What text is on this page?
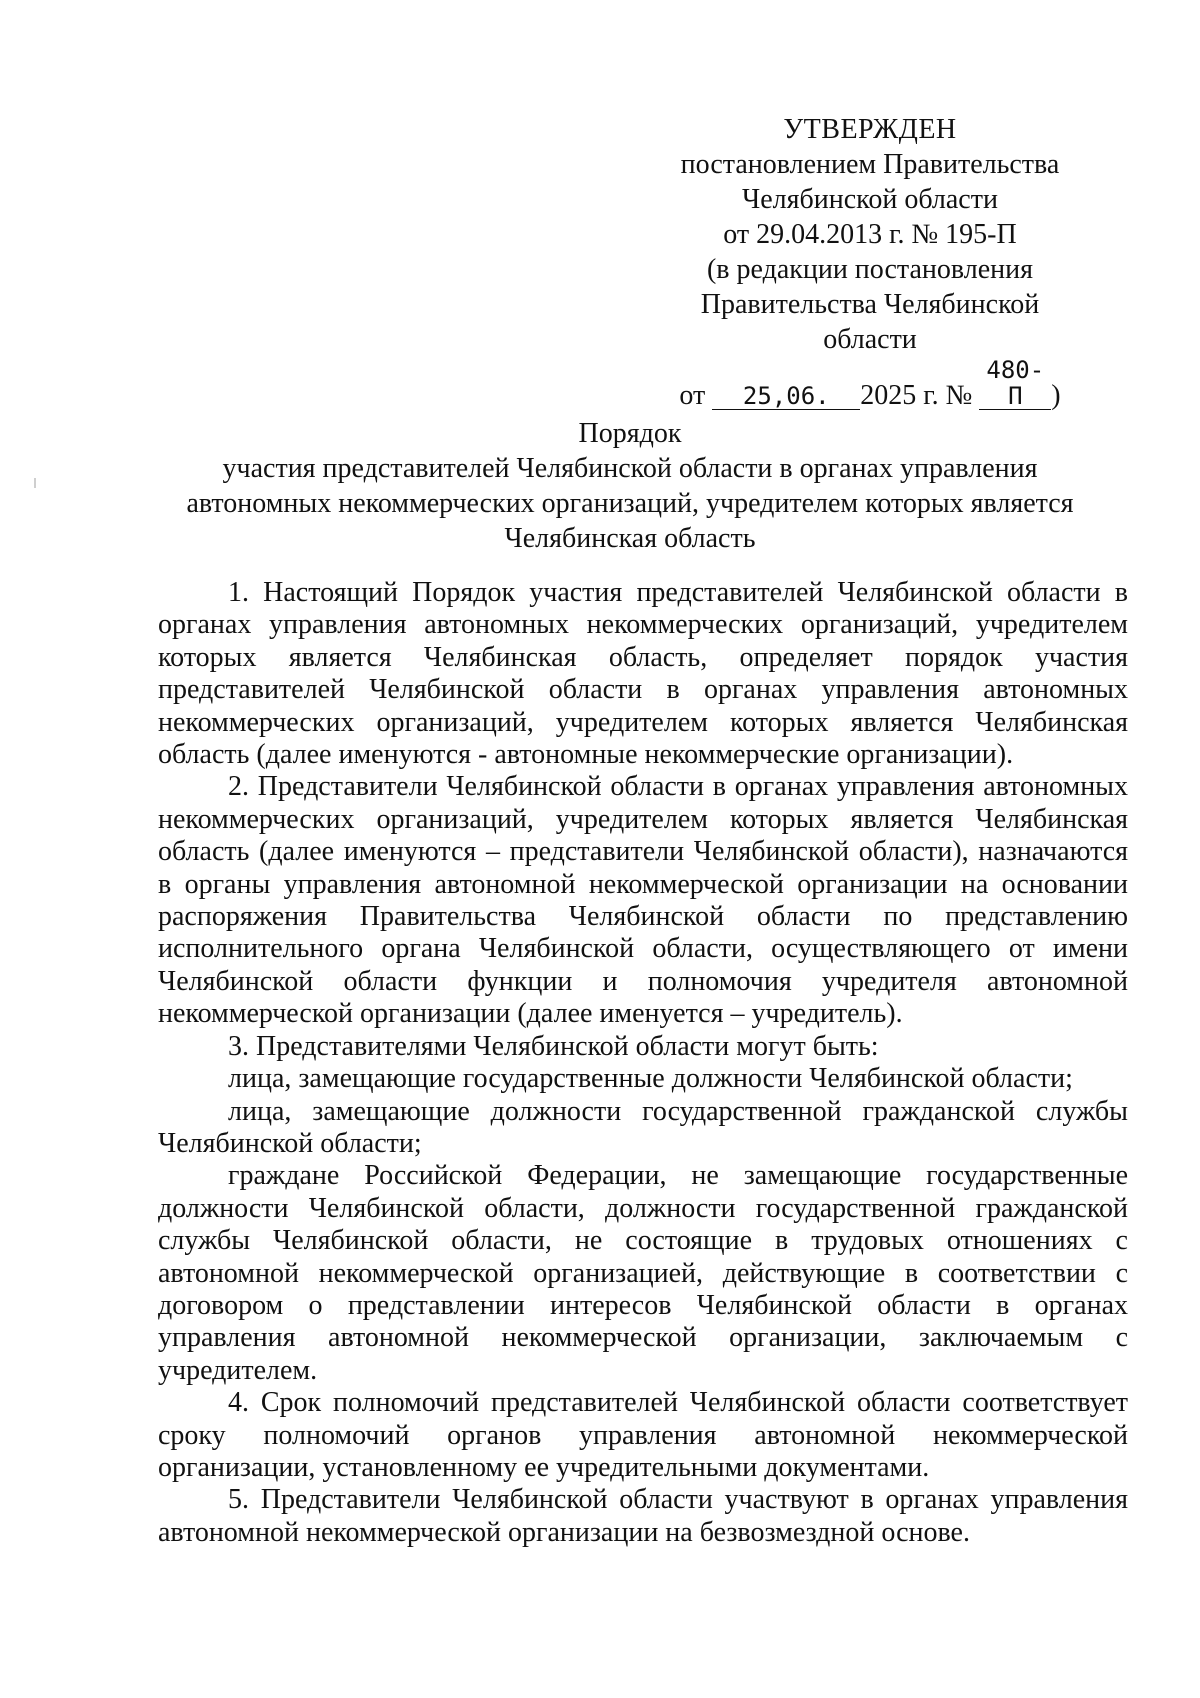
УТВЕРЖДЕН
постановлением Правительства
Челябинской области
от 29.04.2013 г. № 195-П
(в редакции постановления
Правительства Челябинской области
от 25,06. 2025 г. № 480-П )
Порядок
участия представителей Челябинской области в органах управления
автономных некоммерческих организаций, учредителем которых является
Челябинская область

1. Настоящий Порядок участия представителей Челябинской области в органах управления автономных некоммерческих организаций, учредителем которых является Челябинская область, определяет порядок участия представителей Челябинской области в органах управления автономных некоммерческих организаций, учредителем которых является Челябинская область (далее именуются - автономные некоммерческие организации).

2. Представители Челябинской области в органах управления автономных некоммерческих организаций, учредителем которых является Челябинская область (далее именуются – представители Челябинской области), назначаются в органы управления автономной некоммерческой организации на основании распоряжения Правительства Челябинской области по представлению исполнительного органа Челябинской области, осуществляющего от имени Челябинской области функции и полномочия учредителя автономной некоммерческой организации (далее именуется – учредитель).

3. Представителями Челябинской области могут быть:

лица, замещающие государственные должности Челябинской области;

лица, замещающие должности государственной гражданской службы Челябинской области;

граждане Российской Федерации, не замещающие государственные должности Челябинской области, должности государственной гражданской службы Челябинской области, не состоящие в трудовых отношениях с автономной некоммерческой организацией, действующие в соответствии с договором о представлении интересов Челябинской области в органах управления автономной некоммерческой организации, заключаемым с учредителем.

4. Срок полномочий представителей Челябинской области соответствует сроку полномочий органов управления автономной некоммерческой организации, установленному ее учредительными документами.

5. Представители Челябинской области участвуют в органах управления автономной некоммерческой организации на безвозмездной основе.
